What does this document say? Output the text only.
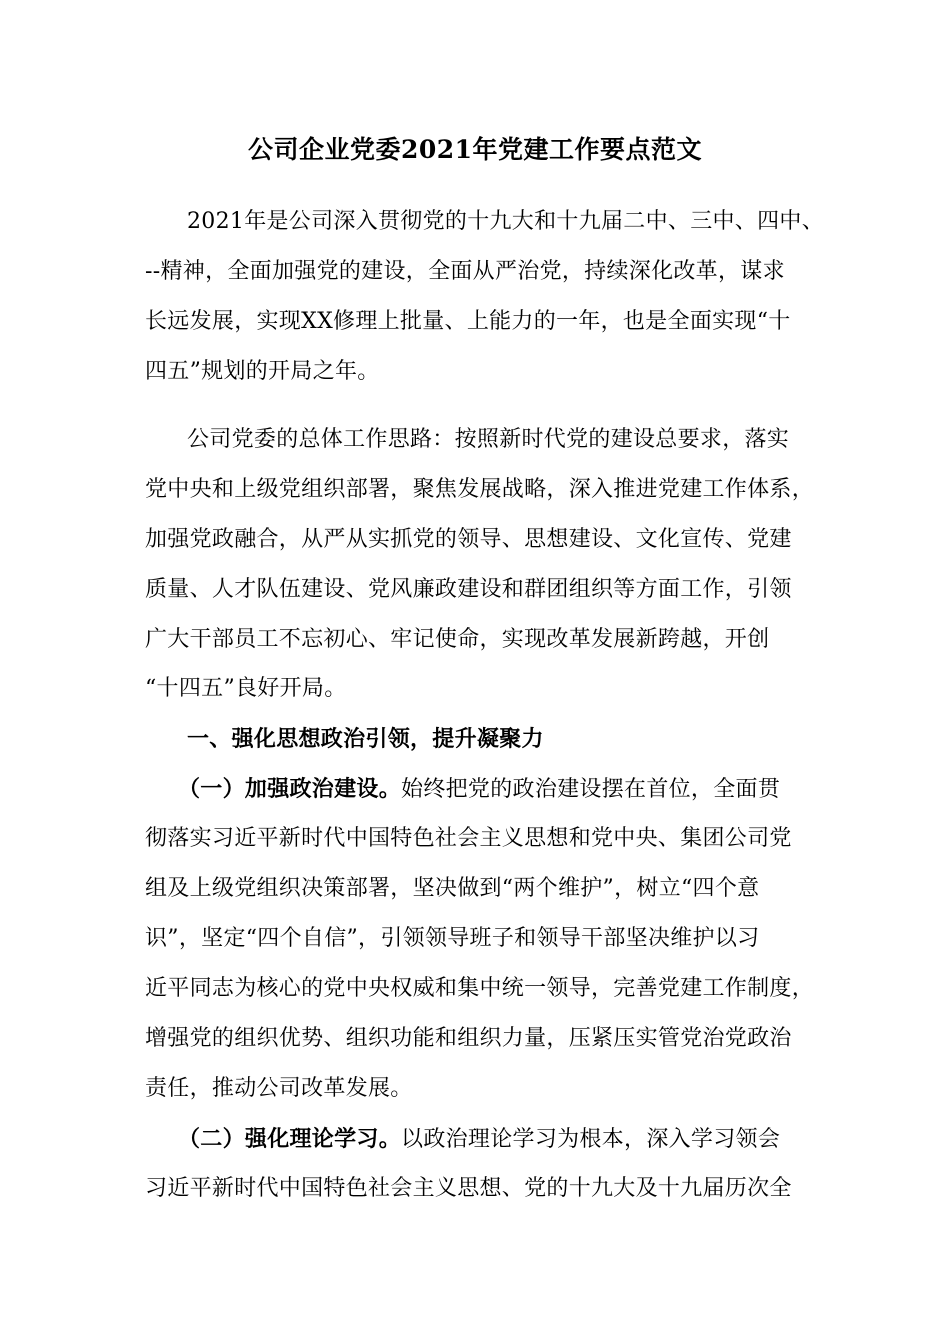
公司企业党委2021年党建工作要点范文
2021年是公司深入贯彻党的十九大和十九届二中、三中、四中、
--精神，全面加强党的建设，全面从严治党，持续深化改革，谋求
长远发展，实现XX修理上批量、上能力的一年，也是全面实现“十
四五”规划的开局之年。
公司党委的总体工作思路：按照新时代党的建设总要求，落实
党中央和上级党组织部署，聚焦发展战略，深入推进党建工作体系，
加强党政融合，从严从实抓党的领导、思想建设、文化宣传、党建
质量、人才队伍建设、党风廉政建设和群团组织等方面工作，引领
广大干部员工不忘初心、牢记使命，实现改革发展新跨越，开创
“十四五”良好开局。
一、强化思想政治引领，提升凝聚力
（一）加强政治建设。始终把党的政治建设摆在首位，全面贯
彻落实习近平新时代中国特色社会主义思想和党中央、集团公司党
组及上级党组织决策部署，坚决做到“两个维护”，树立“四个意
识”，坚定“四个自信”，引领领导班子和领导干部坚决维护以习
近平同志为核心的党中央权威和集中统一领导，完善党建工作制度，
增强党的组织优势、组织功能和组织力量，压紧压实管党治党政治
责任，推动公司改革发展。
（二）强化理论学习。以政治理论学习为根本，深入学习领会
习近平新时代中国特色社会主义思想、党的十九大及十九届历次全
